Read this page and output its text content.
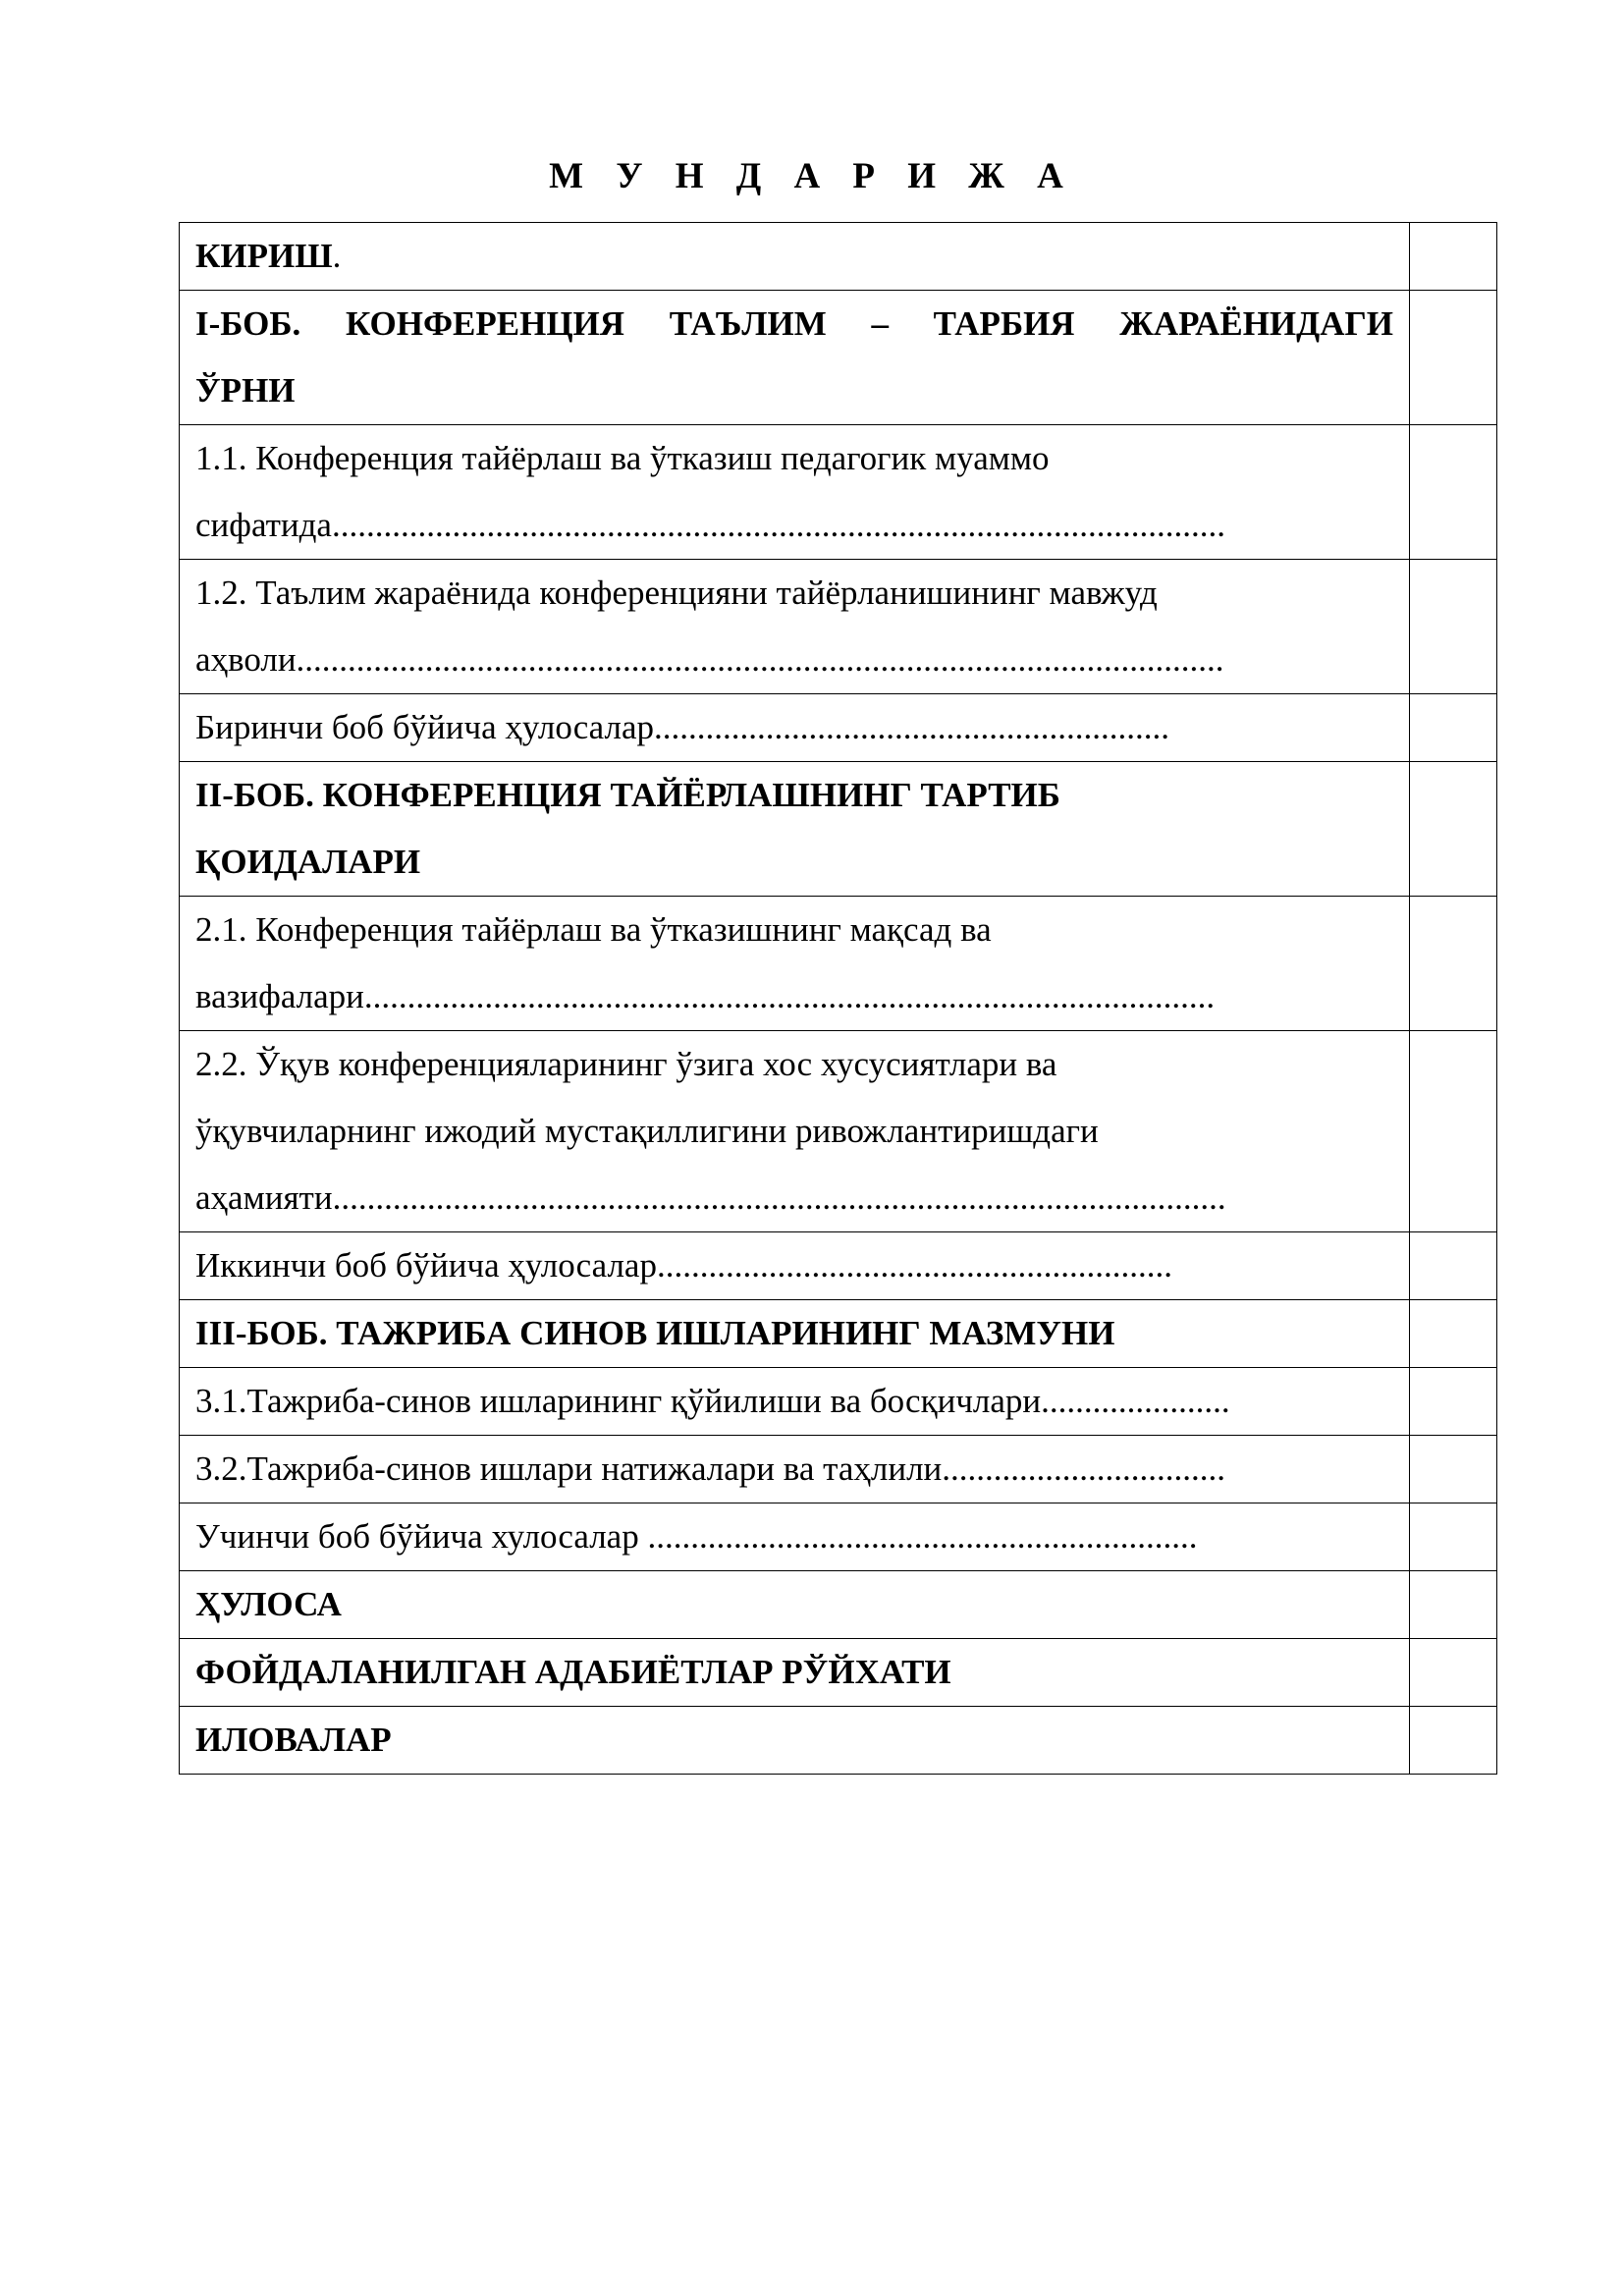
М У Н Д А Р И Ж А
КИРИШ.	
I-БОБ. КОНФЕРЕНЦИЯ ТАЪЛИМ – ТАРБИЯ ЖАРАЁНИДАГИ
ЎРНИ	
1.1. Конференция тайёрлаш ва ўтказиш педагогик муаммо
сифатида........................................................................................................	
1.2. Таълим жараёнида конференцияни тайёрланишининг мавжуд
аҳволи............................................................................................................	
Биринчи боб бўйича ҳулосалар............................................................	
II-БОБ. КОНФЕРЕНЦИЯ ТАЙЁРЛАШНИНГ ТАРТИБ
ҚОИДАЛАРИ	
2.1. Конференция тайёрлаш ва ўтказишнинг мақсад ва
вазифалари...................................................................................................	
2.2. Ўқув конференцияларининг ўзига хос хусусиятлари ва
ўқувчиларнинг ижодий мустақиллигини ривожлантиришдаги
аҳамияти........................................................................................................	
Иккинчи боб бўйича ҳулосалар............................................................	
III-БОБ. ТАЖРИБА СИНОВ ИШЛАРИНИНГ МАЗМУНИ	
3.1.Тажриба-синов ишларининг қўйилиши ва босқичлари......................	
3.2.Тажриба-синов ишлари натижалари ва таҳлили.................................	
Учинчи боб бўйича хулосалар ................................................................	
ҲУЛОСА	
ФОЙДАЛАНИЛГАН АДАБИЁТЛАР РЎЙХАТИ	
ИЛОВАЛАР	
